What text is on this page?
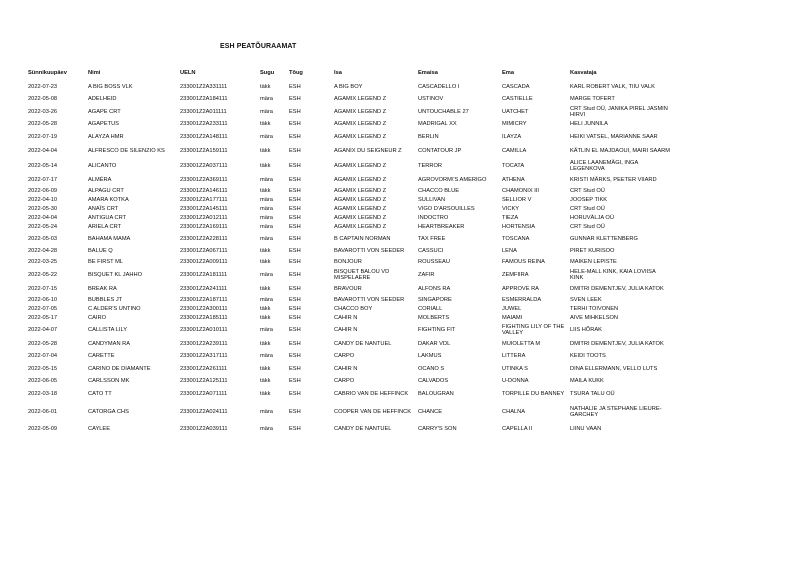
ESH PEATÕURAAMAT
Sünnikuupäev	Nimi	UELN	Sugu	Tõug	Isa	Emaisa	Ema	Kasvataja
2022-07-23	A BIG BOSS VLK	233001Z2A331111	täkk	ESH	A BIG BOY	CASCADELLO I	CASCADA	KARL ROBERT VALK, TIIU VALK
2022-05-08	ADELHEID	233001Z2A184111	mära	ESH	AGAMIX LEGEND Z	USTINOV	CASTIELLE	MARGE TOFERT
2022-03-26	AGAPE CRT	233001Z2A011111	mära	ESH	AGAMIX LEGEND Z	UNTOUCHABLE 27	UATCHET	CRT Stud OÜ, JANIKA PIREL JASMIN HIRVI
2022-05-28	AGAPETUS	233001Z2A233111	täkk	ESH	AGAMIX LEGEND Z	MADRIGAL XX	MIMICRY	HELI JUNNILA
2022-07-19	ALAYZA HMR	233001Z2A148111	mära	ESH	AGAMIX LEGEND Z	BERLIN	ILAYZA	HEIKI VATSEL, MARIANNE SAAR
2022-04-04	ALFRESCO DE SILENZIO KS	233001Z2A159111	täkk	ESH	AGANIX DU SEIGNEUR Z	CONTATOUR JP	CAMILLA	KÄTLIN EL MAJDAOUI, MAIRI SAARM
2022-05-14	ALICANTO	233001Z2A037111	täkk	ESH	AGAMIX LEGEND Z	TERROR	TOCATA	ALICE LAANEMÄGI, INGA LEGENKOVA
2022-07-17	ALMÉRA	233001Z2A369111	mära	ESH	AGAMIX LEGEND Z	AGROVORM\'S AMERIGO	ATHENA	KRISTI MÄRKS, PEETER VIIARD
2022-06-09	ALPAGU CRT	233001Z2A146111	täkk	ESH	AGAMIX LEGEND Z	CHACCO BLUE	CHAMONIX III	CRT Stud OÜ
2022-04-10	AMARA KOTKA	233001Z2A177111	mära	ESH	AGAMIX LEGEND Z	SULLIVAN	SELLIOR V	JOOSEP TIKK
2022-05-30	ANAÏS CRT	233001Z2A145111	mära	ESH	AGAMIX LEGEND Z	VIGO D'ARSOUILLES	VICKY	CRT Stud OÜ
2022-04-04	ANTIGUA CRT	233001Z2A012111	mära	ESH	AGAMIX LEGEND Z	INDOCTRO	TIEZA	HORUVÄLJA OÜ
2022-05-24	ARIELA CRT	233001Z2A169111	mära	ESH	AGAMIX LEGEND Z	HEARTBREAKER	HORTENSIA	CRT Stud OÜ
2022-05-03	BAHAMA MAMA	233001Z2A228111	mära	ESH	B CAPTAIN NORMAN	TAX FREE	TOSCANA	GUNNAR KLETTENBERG
2022-04-28	BALUE Q	233001Z2A067111	täkk	ESH	BAVAROTTI VON SEEDER	CASSUCI	LENA	PIRET KURISOO
2022-03-25	BE FIRST ML	233001Z2A009111	täkk	ESH	BONJOUR	ROUSSEAU	FAMOUS REINA	MAIKEN LEPISTE
2022-05-22	BISQUET KL JAHHO	233001Z2A181111	mära	ESH	BISQUET BALOU VD MISPELAERE	ZAFIR	ZEMFIIRA	HELE-MALL KINK, KAIA LOVIISA KINK
2022-07-15	BREAK RA	233001Z2A241111	täkk	ESH	BRAVOUR	ALFONS RA	APPROVE RA	DMITRI DEMENTJEV, JULIA KATOK
2022-06-10	BUBBLES JT	233001Z2A187111	mära	ESH	BAVAROTTI VON SEEDER	SINGAPORE	ESMERRALDA	SVEN LEEK
2022-07-05	C ALDER'S UNTINO	233001Z2A300111	täkk	ESH	CHACCO BOY	CORIALL	JUWEL	TERHI TOIVONEN
2022-05-17	CAIRO	233001Z2A185111	täkk	ESH	CAHIR N	MOLBERTS	MAIAMI	AIVE MIHKELSON
2022-04-07	CALLISTA LILY	233001Z2A010111	mära	ESH	CAHIR N	FIGHTING FIT	FIGHTING LILY OF THE VALLEY	LIIS HÕRAK
2022-05-28	CANDYMAN RA	233001Z2A239111	täkk	ESH	CANDY DE NANTUEL	DAKAR VDL	MUIOLETTA M	DMITRI DEMENTJEV, JULIA KATOK
2022-07-04	CARETTE	233001Z2A317111	mära	ESH	CARPO	LAKMUS	LITTERA	KEIDI TOOTS
2022-05-15	CARINO DE DIAMANTE	233001Z2A261111	täkk	ESH	CAHIR N	OCANO S	UTINKA S	DINA ELLERMANN, VELLO LUTS
2022-06-05	CARLSSON MK	233001Z2A125111	täkk	ESH	CARPO	CALVADOS	U-DONNA	MAILA KUKK
2022-03-18	CATO TT	233001Z2A071111	täkk	ESH	CABRIO VAN DE HEFFINCK	BALOUGRAN	TORPILLE DU BANNEY	TSURA TALU OÜ
2022-06-01	CATORGA CHS	233001Z2A024111	mära	ESH	COOPER VAN DE HEFFINCK	CHANCE	CHALNA	NATHALIE JA STEPHANE LIEURE-GARCHEY
2022-05-09	CAYLEE	233001Z2A039111	mära	ESH	CANDY DE NANTUEL	CARRY'S SON	CAPELLA II	LIINU VAAN
